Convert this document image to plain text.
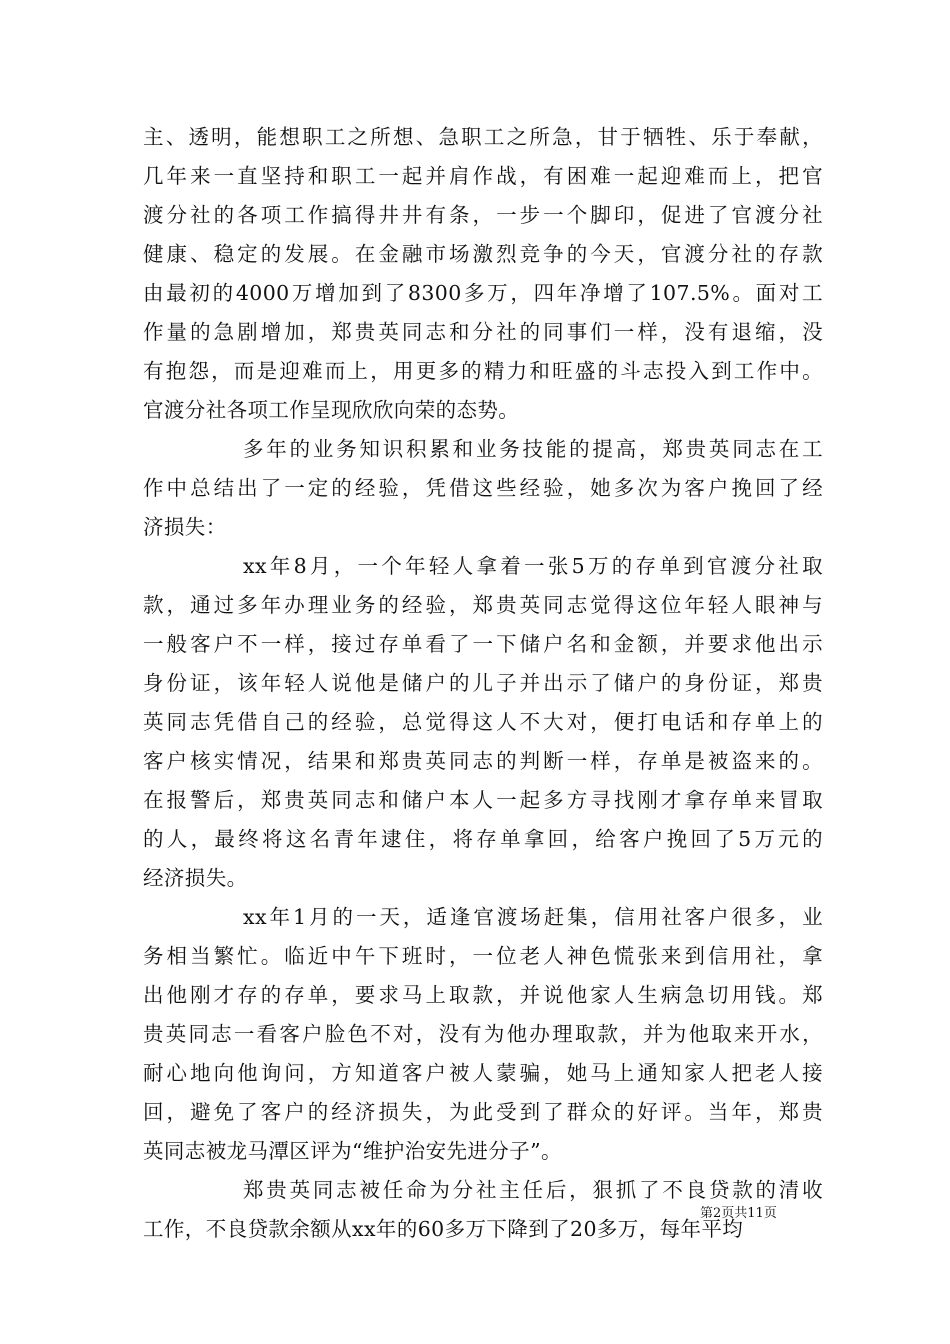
主、透明，能想职工之所想、急职工之所急，甘于牺牲、乐于奉献，
几年来一直坚持和职工一起并肩作战，有困难一起迎难而上，把官
渡分社的各项工作搞得井井有条，一步一个脚印，促进了官渡分社
健康、稳定的发展。在金融市场激烈竞争的今天，官渡分社的存款
由最初的4000万增加到了8300多万，四年净增了107.5%。面对工
作量的急剧增加，郑贵英同志和分社的同事们一样，没有退缩，没
有抱怨，而是迎难而上，用更多的精力和旺盛的斗志投入到工作中。
官渡分社各项工作呈现欣欣向荣的态势。
多年的业务知识积累和业务技能的提高，郑贵英同志在工
作中总结出了一定的经验，凭借这些经验，她多次为客户挽回了经
济损失：
xx年8月，一个年轻人拿着一张5万的存单到官渡分社取
款，通过多年办理业务的经验，郑贵英同志觉得这位年轻人眼神与
一般客户不一样，接过存单看了一下储户名和金额，并要求他出示
身份证，该年轻人说他是储户的儿子并出示了储户的身份证，郑贵
英同志凭借自己的经验，总觉得这人不大对，便打电话和存单上的
客户核实情况，结果和郑贵英同志的判断一样，存单是被盗来的。
在报警后，郑贵英同志和储户本人一起多方寻找刚才拿存单来冒取
的人，最终将这名青年逮住，将存单拿回，给客户挽回了5万元的
经济损失。
xx年1月的一天，适逢官渡场赶集，信用社客户很多，业
务相当繁忙。临近中午下班时，一位老人神色慌张来到信用社，拿
出他刚才存的存单，要求马上取款，并说他家人生病急切用钱。郑
贵英同志一看客户脸色不对，没有为他办理取款，并为他取来开水，
耐心地向他询问，方知道客户被人蒙骗，她马上通知家人把老人接
回，避免了客户的经济损失，为此受到了群众的好评。当年，郑贵
英同志被龙马潭区评为“维护治安先进分子”。
郑贵英同志被任命为分社主任后，狠抓了不良贷款的清收
工作，不良贷款余额从xx年的60多万下降到了20多万，每年平均
第2页共11页
